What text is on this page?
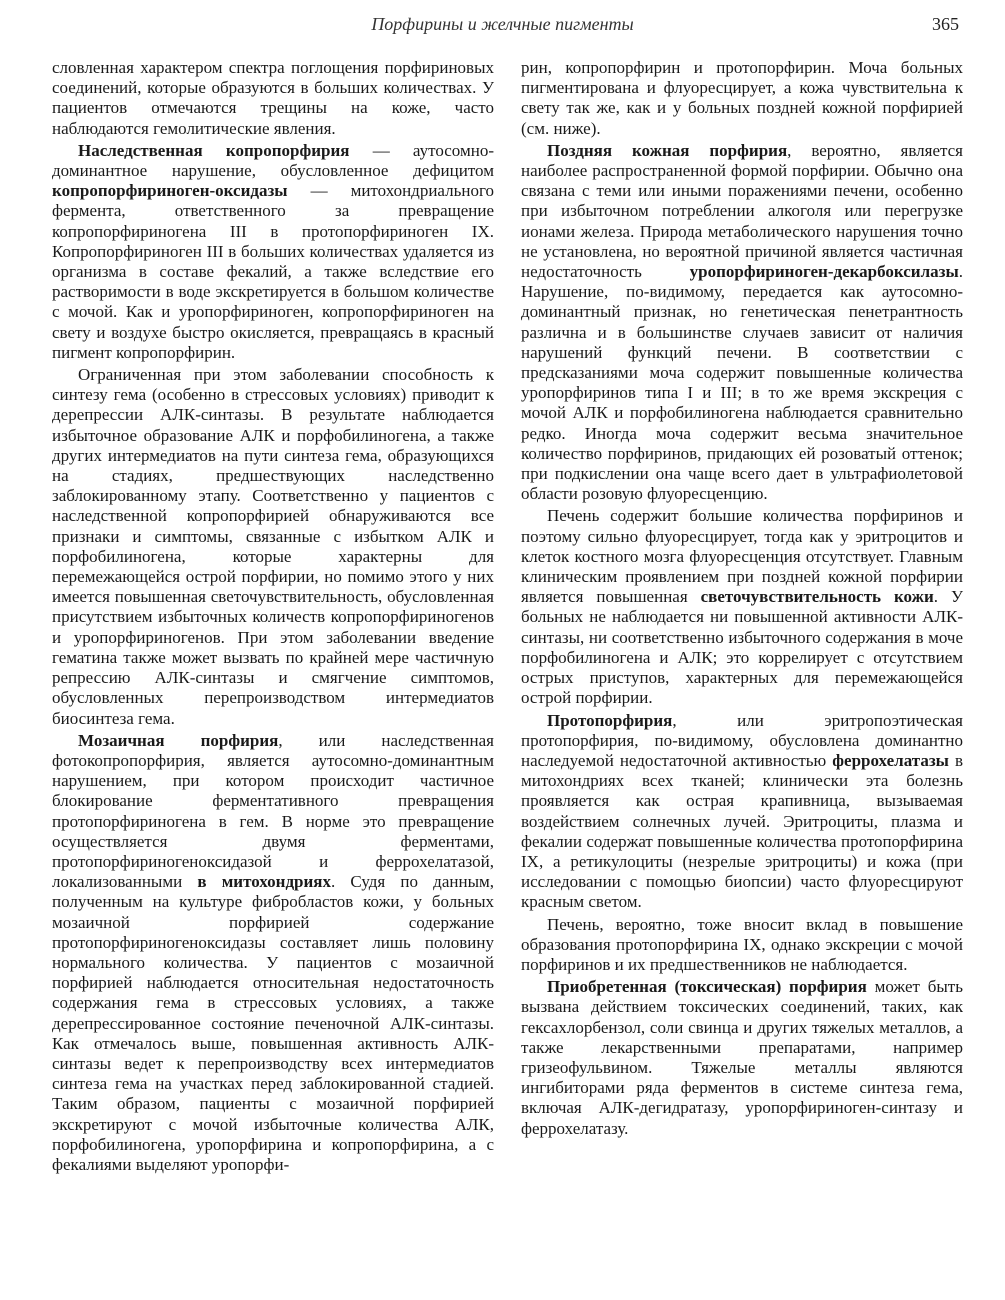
Порфирины и желчные пигменты	365

словленная характером спектра поглощения порфириновых соединений, которые образуются в больших количествах. У пациентов отмечаются трещины на коже, часто наблюдаются гемолитические явления.

Наследственная копропорфирия — аутосомно-доминантное нарушение, обусловленное дефицитом копропорфириноген-оксидазы — митохондриального фермента, ответственного за превращение копропорфириногена III в протопорфириноген IX. Копропорфириноген III в больших количествах удаляется из организма в составе фекалий, а также вследствие его растворимости в воде экскретируется в большом количестве с мочой. Как и уропорфириноген, копропорфириноген на свету и воздухе быстро окисляется, превращаясь в красный пигмент копропорфирин.

Ограниченная при этом заболевании способность к синтезу гема (особенно в стрессовых условиях) приводит к дерепрессии АЛК-синтазы. В результате наблюдается избыточное образование АЛК и порфобилиногена, а также других интермедиатов на пути синтеза гема, образующихся на стадиях, предшествующих наследственно заблокированному этапу. Соответственно у пациентов с наследственной копропорфирией обнаруживаются все признаки и симптомы, связанные с избытком АЛК и порфобилиногена, которые характерны для перемежающейся острой порфирии, но помимо этого у них имеется повышенная светочувствительность, обусловленная присутствием избыточных количеств копропорфириногенов и уропорфириногенов. При этом заболевании введение гематина также может вызвать по крайней мере частичную репрессию АЛК-синтазы и смягчение симптомов, обусловленных перепроизводством интермедиатов биосинтеза гема.

Мозаичная порфирия, или наследственная фотокопропорфирия, является аутосомно-доминантным нарушением, при котором происходит частичное блокирование ферментативного превращения протопорфириногена в гем. В норме это превращение осуществляется двумя ферментами, протопорфириногеноксидазой и феррохелатазой, локализованными в митохондриях. Судя по данным, полученным на культуре фибробластов кожи, у больных мозаичной порфирией содержание протопорфириногеноксидазы составляет лишь половину нормального количества. У пациентов с мозаичной порфирией наблюдается относительная недостаточность содержания гема в стрессовых условиях, а также дерепрессированное состояние печеночной АЛК-синтазы. Как отмечалось выше, повышенная активность АЛК-синтазы ведет к перепроизводству всех интермедиатов синтеза гема на участках перед заблокированной стадией. Таким образом, пациенты с мозаичной порфирией экскретируют с мочой избыточные количества АЛК, порфобилиногена, уропорфирина и копропорфирина, а с фекалиями выделяют уропорфи-

рин, копропорфирин и протопорфирин. Моча больных пигментирована и флуоресцирует, а кожа чувствительна к свету так же, как и у больных поздней кожной порфирией (см. ниже).

Поздняя кожная порфирия, вероятно, является наиболее распространенной формой порфирии. Обычно она связана с теми или иными поражениями печени, особенно при избыточном потреблении алкоголя или перегрузке ионами железа. Природа метаболического нарушения точно не установлена, но вероятной причиной является частичная недостаточность уропорфириноген-декарбоксилазы. Нарушение, по-видимому, передается как аутосомно-доминантный признак, но генетическая пенетрантность различна и в большинстве случаев зависит от наличия нарушений функций печени. В соответствии с предсказаниями моча содержит повышенные количества уропорфиринов типа I и III; в то же время экскреция с мочой АЛК и порфобилиногена наблюдается сравнительно редко. Иногда моча содержит весьма значительное количество порфиринов, придающих ей розоватый оттенок; при подкислении она чаще всего дает в ультрафиолетовой области розовую флуоресценцию.

Печень содержит большие количества порфиринов и поэтому сильно флуоресцирует, тогда как у эритроцитов и клеток костного мозга флуоресценция отсутствует. Главным клиническим проявлением при поздней кожной порфирии является повышенная светочувствительность кожи. У больных не наблюдается ни повышенной активности АЛК-синтазы, ни соответственно избыточного содержания в моче порфобилиногена и АЛК; это коррелирует с отсутствием острых приступов, характерных для перемежающейся острой порфирии.

Протопорфирия, или эритропоэтическая протопорфирия, по-видимому, обусловлена доминантно наследуемой недостаточной активностью феррохелатазы в митохондриях всех тканей; клинически эта болезнь проявляется как острая крапивница, вызываемая воздействием солнечных лучей. Эритроциты, плазма и фекалии содержат повышенные количества протопорфирина IX, а ретикулоциты (незрелые эритроциты) и кожа (при исследовании с помощью биопсии) часто флуоресцируют красным светом.

Печень, вероятно, тоже вносит вклад в повышение образования протопорфирина IX, однако экскреции с мочой порфиринов и их предшественников не наблюдается.

Приобретенная (токсическая) порфирия может быть вызвана действием токсических соединений, таких, как гексахлорбензол, соли свинца и других тяжелых металлов, а также лекарственными препаратами, например гризеофульвином. Тяжелые металлы являются ингибиторами ряда ферментов в системе синтеза гема, включая АЛК-дегидратазу, уропорфириноген-синтазу и феррохелатазу.
